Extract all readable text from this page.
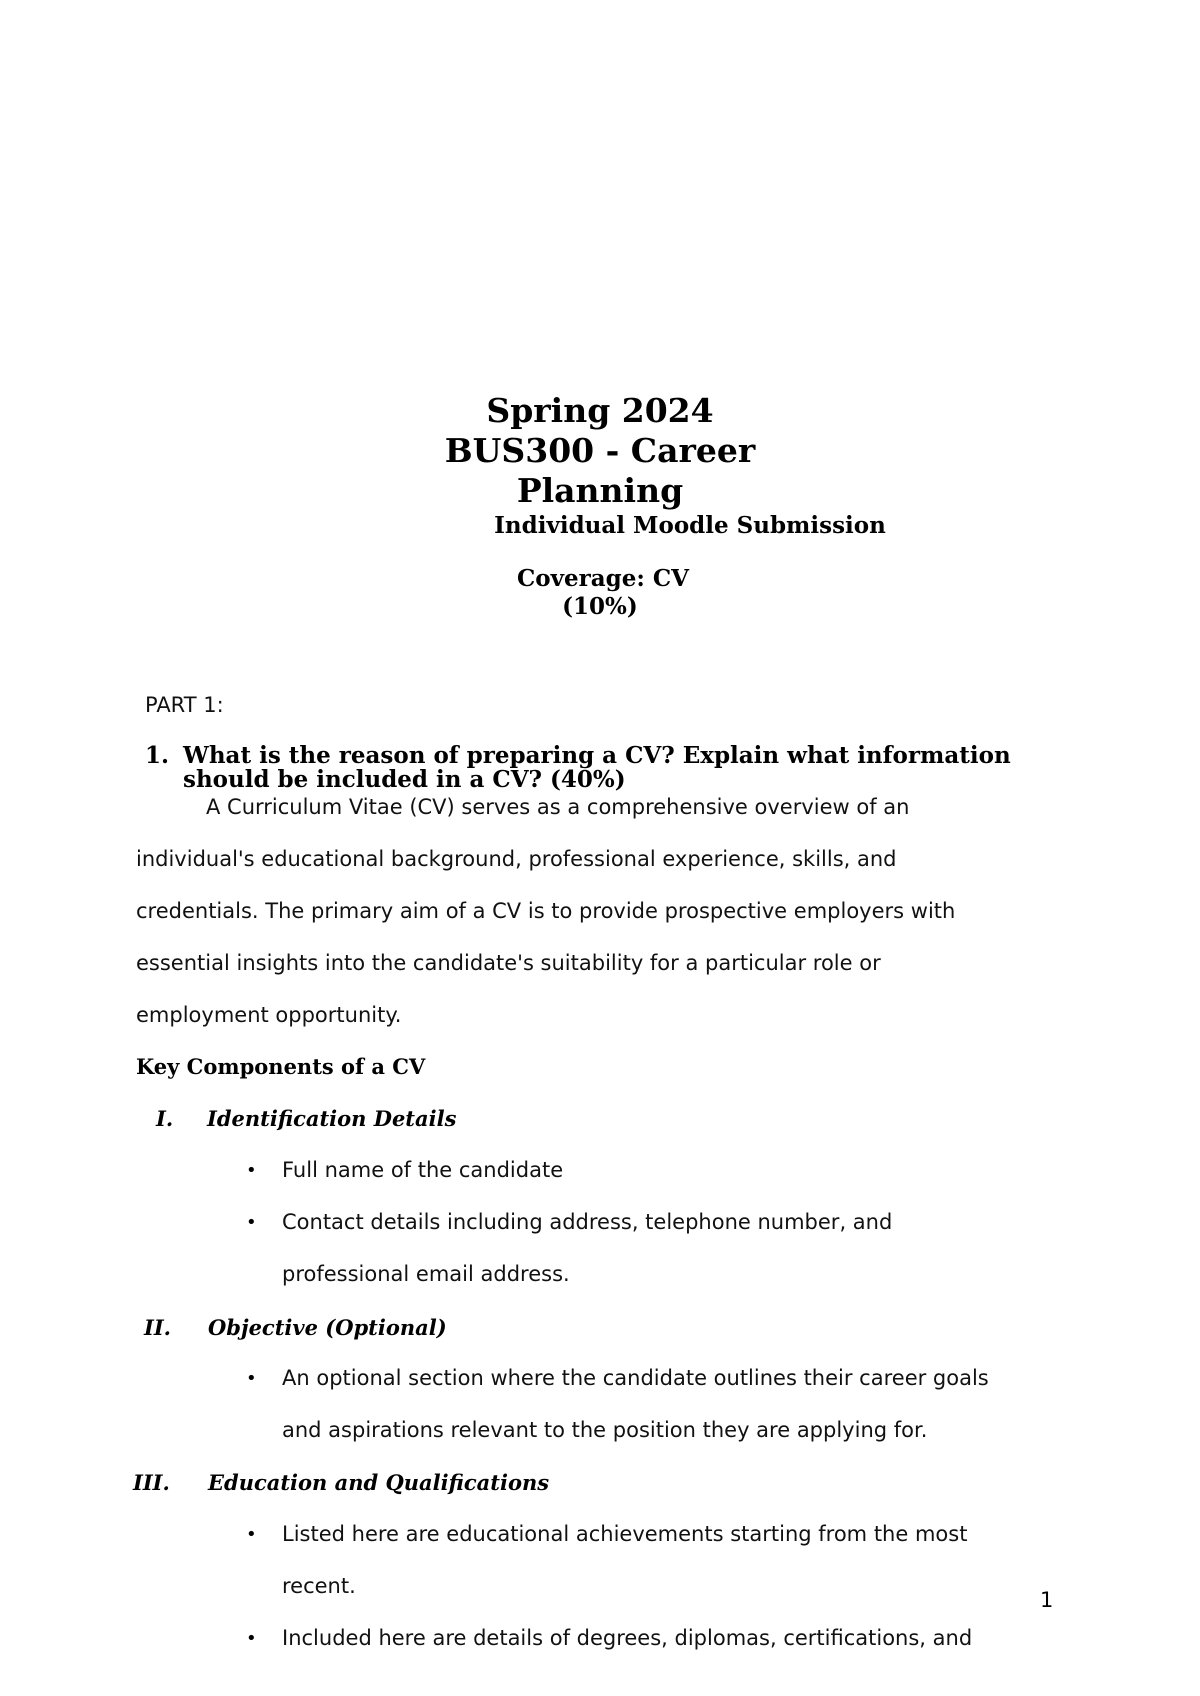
Spring 2024
BUS300 - Career
Planning
Individual Moodle Submission
Coverage: CV
(10%)
PART 1:
1. What is the reason of preparing a CV? Explain what information
should be included in a CV? (40%)
A Curriculum Vitae (CV) serves as a comprehensive overview of an
individual's educational background, professional experience, skills, and
credentials. The primary aim of a CV is to provide prospective employers with
essential insights into the candidate's suitability for a particular role or
employment opportunity.
Key Components of a CV
I. Identification Details
• Full name of the candidate
• Contact details including address, telephone number, and
professional email address.
II. Objective (Optional)
• An optional section where the candidate outlines their career goals
and aspirations relevant to the position they are applying for.
III. Education and Qualifications
• Listed here are educational achievements starting from the most
recent.
• Included here are details of degrees, diplomas, certifications, and
1
